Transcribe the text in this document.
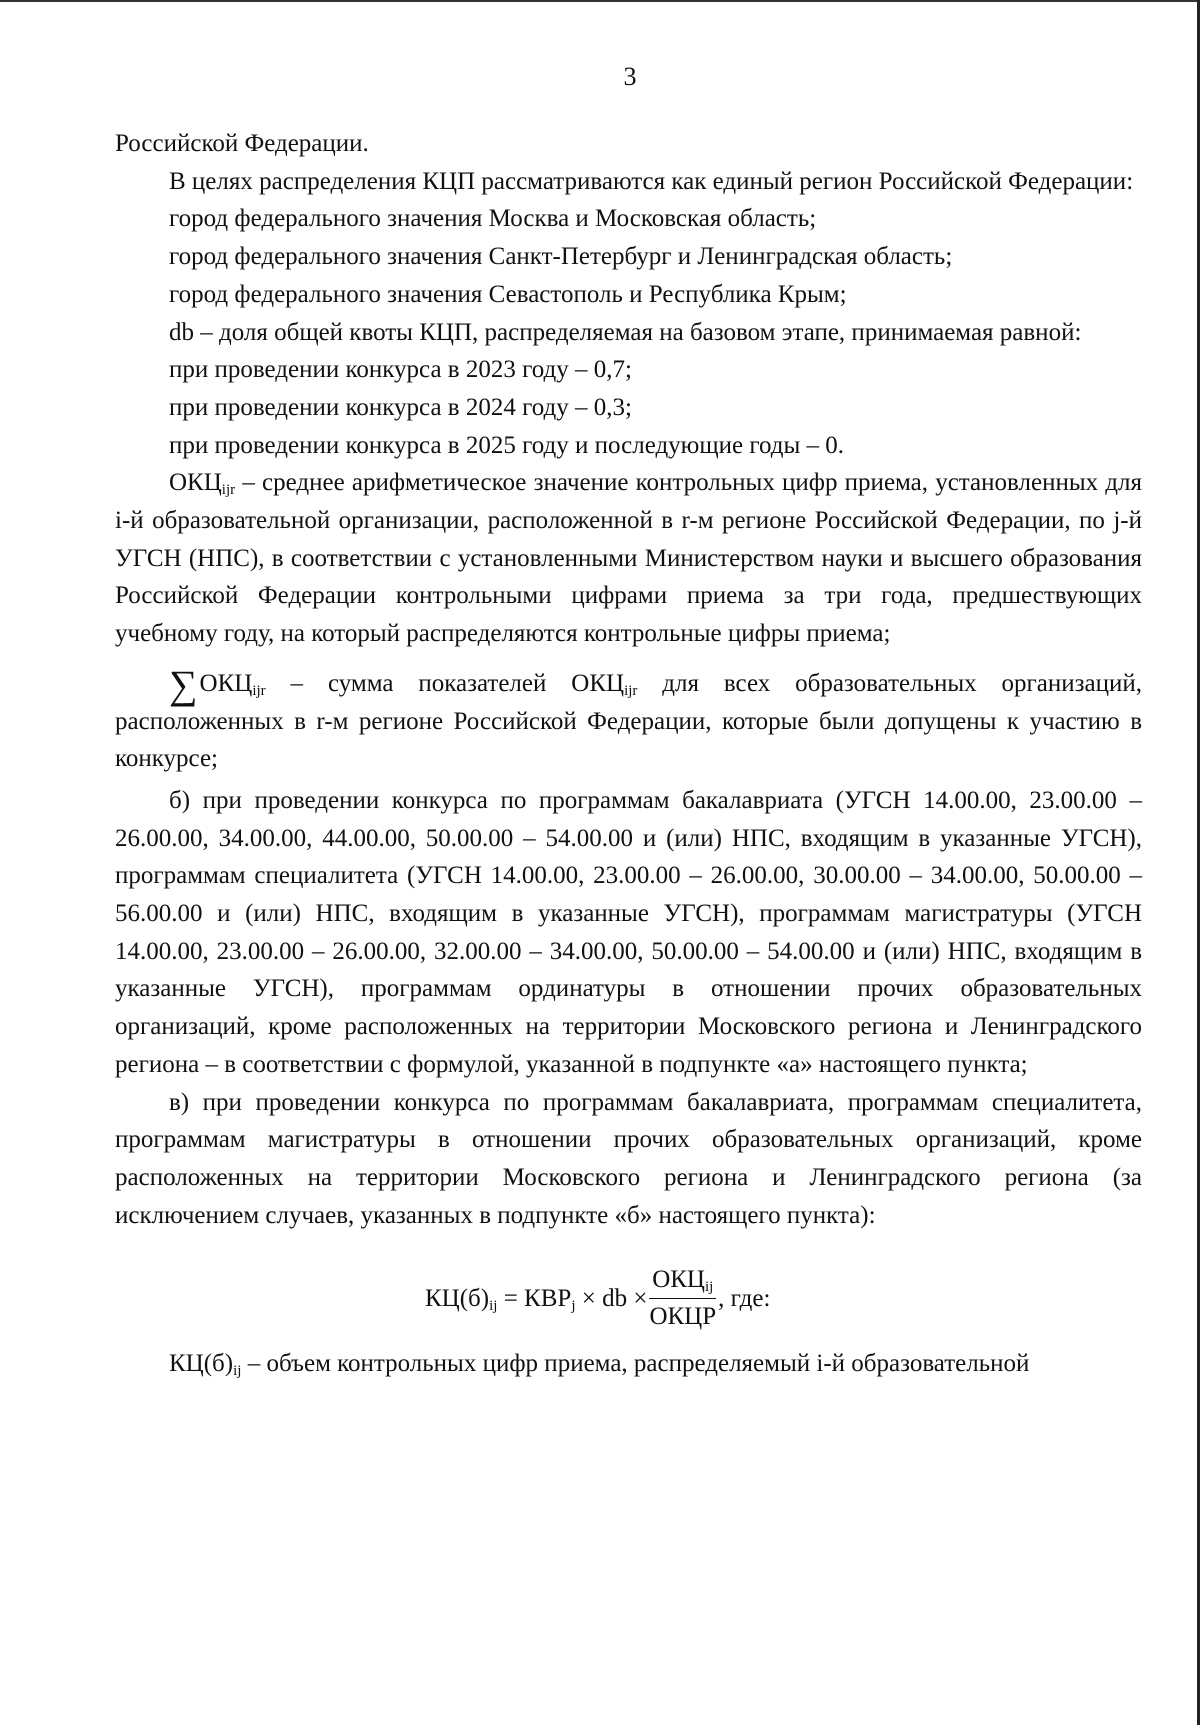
3

Российской Федерации.

В целях распределения КЦП рассматриваются как единый регион Российской Федерации:

город федерального значения Москва и Московская область;

город федерального значения Санкт-Петербург и Ленинградская область;

город федерального значения Севастополь и Республика Крым;

db – доля общей квоты КЦП, распределяемая на базовом этапе, принимаемая равной:

при проведении конкурса в 2023 году – 0,7;

при проведении конкурса в 2024 году – 0,3;

при проведении конкурса в 2025 году и последующие годы – 0.

$ОКЦ_{ijr}$ – среднее арифметическое значение контрольных цифр приема, установленных для i-й образовательной организации, расположенной в r-м регионе Российской Федерации, по j-й УГСН (НПС), в соответствии с установленными Министерством науки и высшего образования Российской Федерации контрольными цифрами приема за три года, предшествующих учебному году, на который распределяются контрольные цифры приема;

$\sum ОКЦ_{ijr}$ – сумма показателей $ОКЦ_{ijr}$ для всех образовательных организаций, расположенных в r-м регионе Российской Федерации, которые были допущены к участию в конкурсе;

б) при проведении конкурса по программам бакалавриата (УГСН 14.00.00, 23.00.00 – 26.00.00, 34.00.00, 44.00.00, 50.00.00 – 54.00.00 и (или) НПС, входящим в указанные УГСН), программам специалитета (УГСН 14.00.00, 23.00.00 – 26.00.00, 30.00.00 – 34.00.00, 50.00.00 – 56.00.00 и (или) НПС, входящим в указанные УГСН), программам магистратуры (УГСН 14.00.00, 23.00.00 – 26.00.00, 32.00.00 – 34.00.00, 50.00.00 – 54.00.00 и (или) НПС, входящим в указанные УГСН), программам ординатуры в отношении прочих образовательных организаций, кроме расположенных на территории Московского региона и Ленинградского региона – в соответствии с формулой, указанной в подпункте «а» настоящего пункта;

в) при проведении конкурса по программам бакалавриата, программам специалитета, программам магистратуры в отношении прочих образовательных организаций, кроме расположенных на территории Московского региона и Ленинградского региона (за исключением случаев, указанных в подпункте «б» настоящего пункта):

$КЦ(б)_{ij} = КВР_j$ × db × $\frac{ОКЦ_{ij}}{\text{ОКЦР}}$ , где:

$КЦ(б)_{ij}$ – объем контрольных цифр приема, распределяемый i-й образовательной
